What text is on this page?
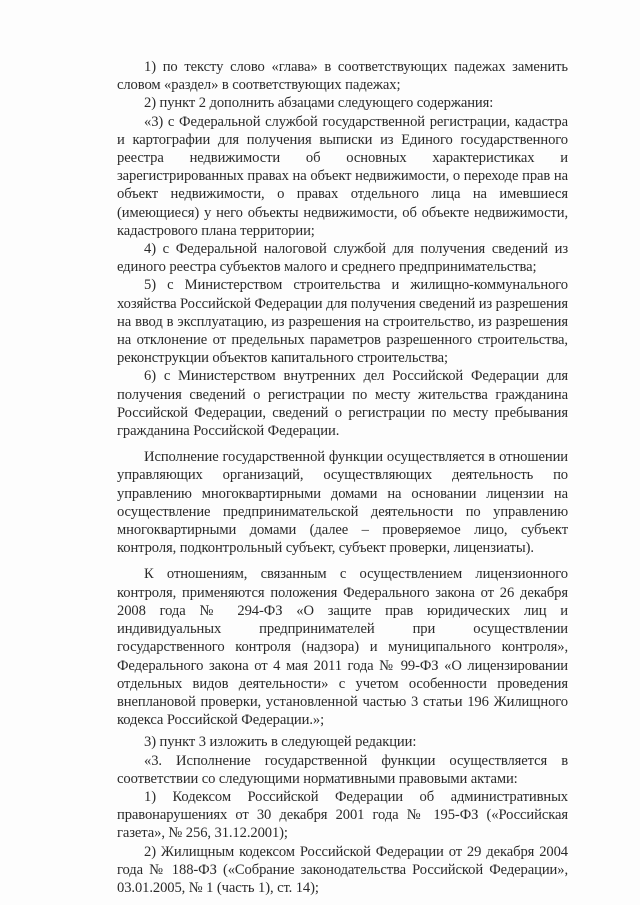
1) по тексту слово «глава» в соответствующих падежах заменить словом «раздел» в соответствующих падежах;

2) пункт 2 дополнить абзацами следующего содержания:

«3) с Федеральной службой государственной регистрации, кадастра и картографии для получения выписки из Единого государственного реестра недвижимости об основных характеристиках и зарегистрированных правах на объект недвижимости, о переходе прав на объект недвижимости, о правах отдельного лица на имевшиеся (имеющиеся) у него объекты недвижимости, об объекте недвижимости, кадастрового плана территории;

4) с Федеральной налоговой службой для получения сведений из единого реестра субъектов малого и среднего предпринимательства;

5) с Министерством строительства и жилищно-коммунального хозяйства Российской Федерации для получения сведений из разрешения на ввод в эксплуатацию, из разрешения на строительство, из разрешения на отклонение от предельных параметров разрешенного строительства, реконструкции объектов капитального строительства;

6) с Министерством внутренних дел Российской Федерации для получения сведений о регистрации по месту жительства гражданина Российской Федерации, сведений о регистрации по месту пребывания гражданина Российской Федерации.

Исполнение государственной функции осуществляется в отношении управляющих организаций, осуществляющих деятельность по управлению многоквартирными домами на основании лицензии на осуществление предпринимательской деятельности по управлению многоквартирными домами (далее – проверяемое лицо, субъект контроля, подконтрольный субъект, субъект проверки, лицензиаты).

К отношениям, связанным с осуществлением лицензионного контроля, применяются положения Федерального закона от 26 декабря 2008 года № 294-ФЗ «О защите прав юридических лиц и индивидуальных предпринимателей при осуществлении государственного контроля (надзора) и муниципального контроля», Федерального закона от 4 мая 2011 года № 99-ФЗ «О лицензировании отдельных видов деятельности» с учетом особенности проведения внеплановой проверки, установленной частью 3 статьи 196 Жилищного кодекса Российской Федерации.»;

3) пункт 3 изложить в следующей редакции:

«3. Исполнение государственной функции осуществляется в соответствии со следующими нормативными правовыми актами:

1) Кодексом Российской Федерации об административных правонарушениях от 30 декабря 2001 года № 195-ФЗ («Российская газета», № 256, 31.12.2001);

2) Жилищным кодексом Российской Федерации от 29 декабря 2004 года № 188-ФЗ («Собрание законодательства Российской Федерации», 03.01.2005, № 1 (часть 1), ст. 14);
